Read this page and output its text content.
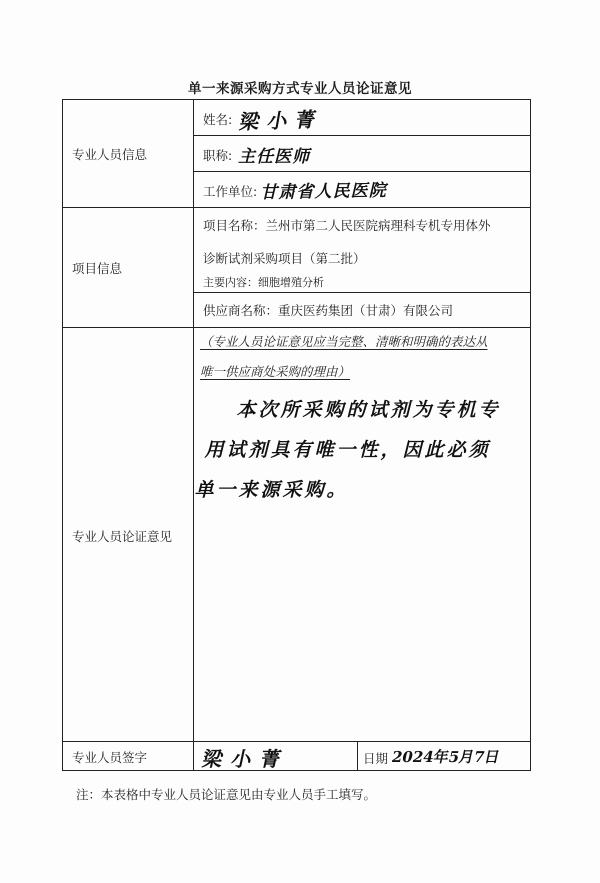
单一来源采购方式专业人员论证意见
专业人员信息
项目信息
专业人员论证意见
专业人员签字
姓名: 梁小菁
职称: 主任医师
工作单位: 甘肃省人民医院
项目名称：兰州市第二人民医院病理科专机专用体外
诊断试剂采购项目（第二批）
主要内容：细胞增殖分析
供应商名称：重庆医药集团（甘肃）有限公司
（专业人员论证意见应当完整、清晰和明确的表达从
唯一供应商处采购的理由）
本次所采购的试剂为专机专用试剂具有唯一性，因此必须单一来源采购。
梁小菁	日期 2024年5月7日
注：本表格中专业人员论证意见由专业人员手工填写。
